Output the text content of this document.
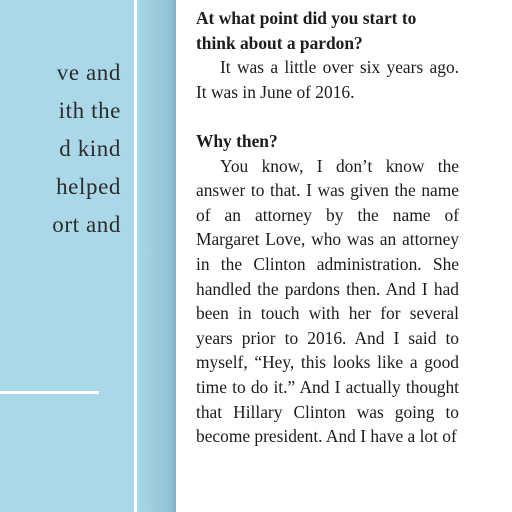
ve and
ith the
d kind
helped
ort and

At what point did you start to think about a pardon?

It was a little over six years ago. It was in June of 2016.

Why then?

You know, I don’t know the answer to that. I was given the name of an attorney by the name of Margaret Love, who was an attorney in the Clinton administration. She handled the pardons then. And I had been in touch with her for several years prior to 2016. And I said to myself, “Hey, this looks like a good time to do it.” And I actually thought that Hillary Clinton was going to become president. And I have a lot of
